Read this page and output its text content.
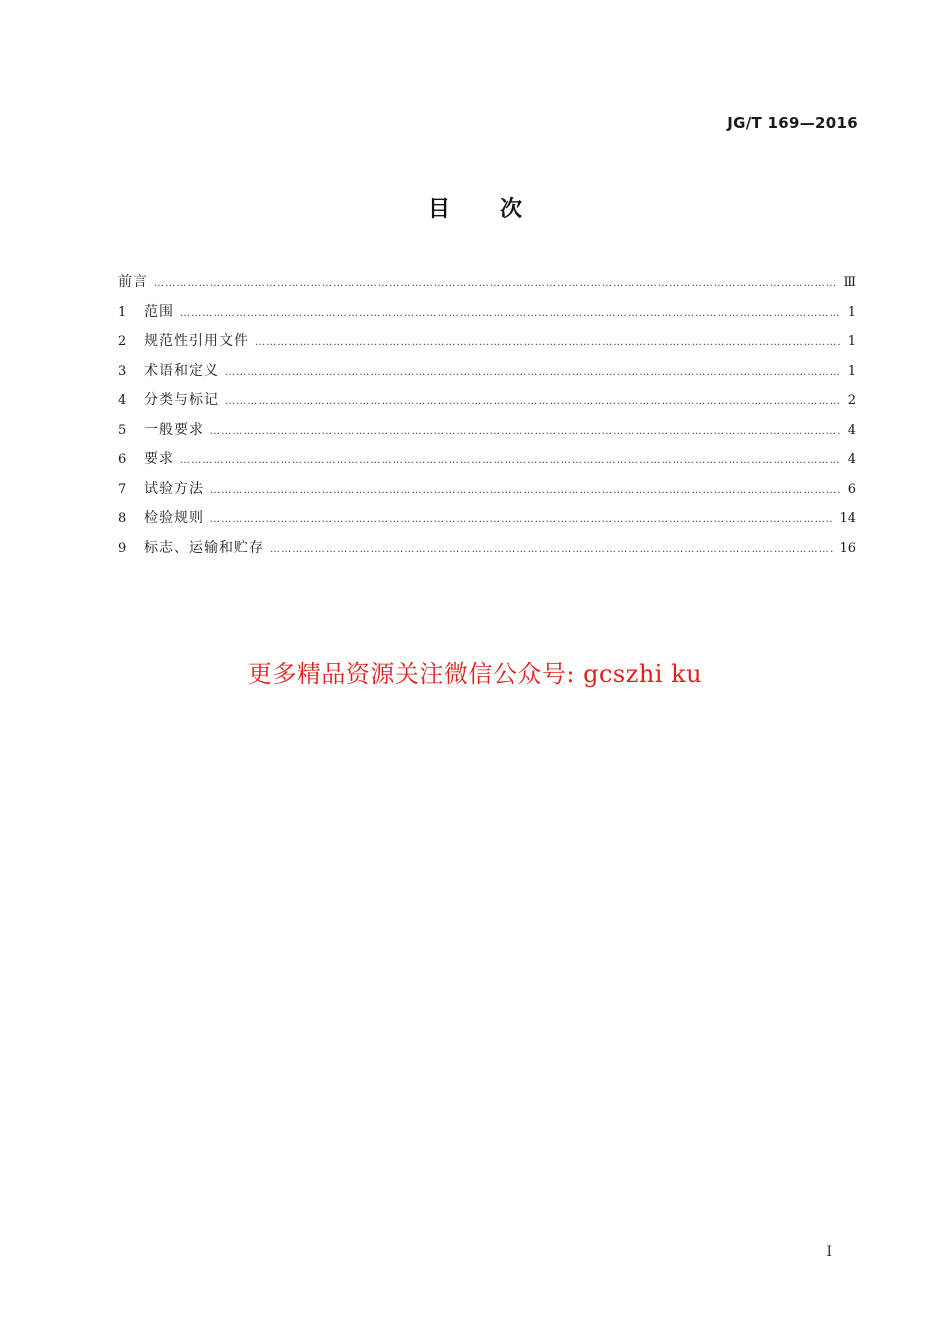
JG/T 169—2016
目次
前言 …………………………………………………………………………………………………………………………………………………………………………………………	Ⅲ
1	范围 …………………………………………………………………………………………………………………………………………………………………………………………	1
2	规范性引用文件 …………………………………………………………………………………………………………………………………………………………………………………………	1
3	术语和定义 …………………………………………………………………………………………………………………………………………………………………………………………	1
4	分类与标记 …………………………………………………………………………………………………………………………………………………………………………………………	2
5	一般要求 …………………………………………………………………………………………………………………………………………………………………………………………	4
6	要求 …………………………………………………………………………………………………………………………………………………………………………………………	4
7	试验方法 …………………………………………………………………………………………………………………………………………………………………………………………	6
8	检验规则 …………………………………………………………………………………………………………………………………………………………………………………………	14
9	标志、运输和贮存 …………………………………………………………………………………………………………………………………………………………………………………………	16
更多精品资源关注微信公众号: gcszhi ku
I
